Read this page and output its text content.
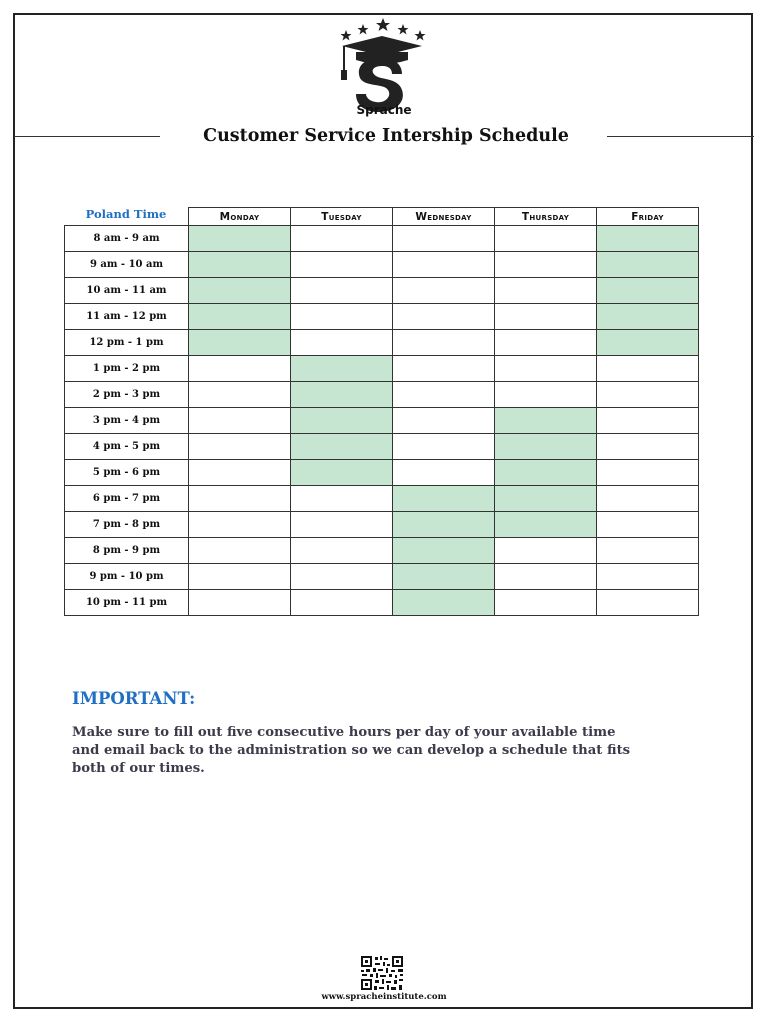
Sprache
Customer Service Intership Schedule
Poland Time
		Monday	Tuesday	Wednesday	Thursday	Friday
8 am - 9 am					
9 am - 10 am					
10 am - 11 am					
11 am - 12 pm					
12 pm - 1 pm					
1 pm - 2 pm					
2 pm - 3 pm					
3 pm - 4 pm					
4 pm - 5 pm					
5 pm - 6 pm					
6 pm - 7 pm					
7 pm - 8 pm					
8 pm - 9 pm					
9 pm - 10 pm					
10 pm - 11 pm					
IMPORTANT:
Make sure to fill out five consecutive hours per day of your available time and email back to the administration so we can develop a schedule that fits both of our times.
www.spracheinstitute.com
